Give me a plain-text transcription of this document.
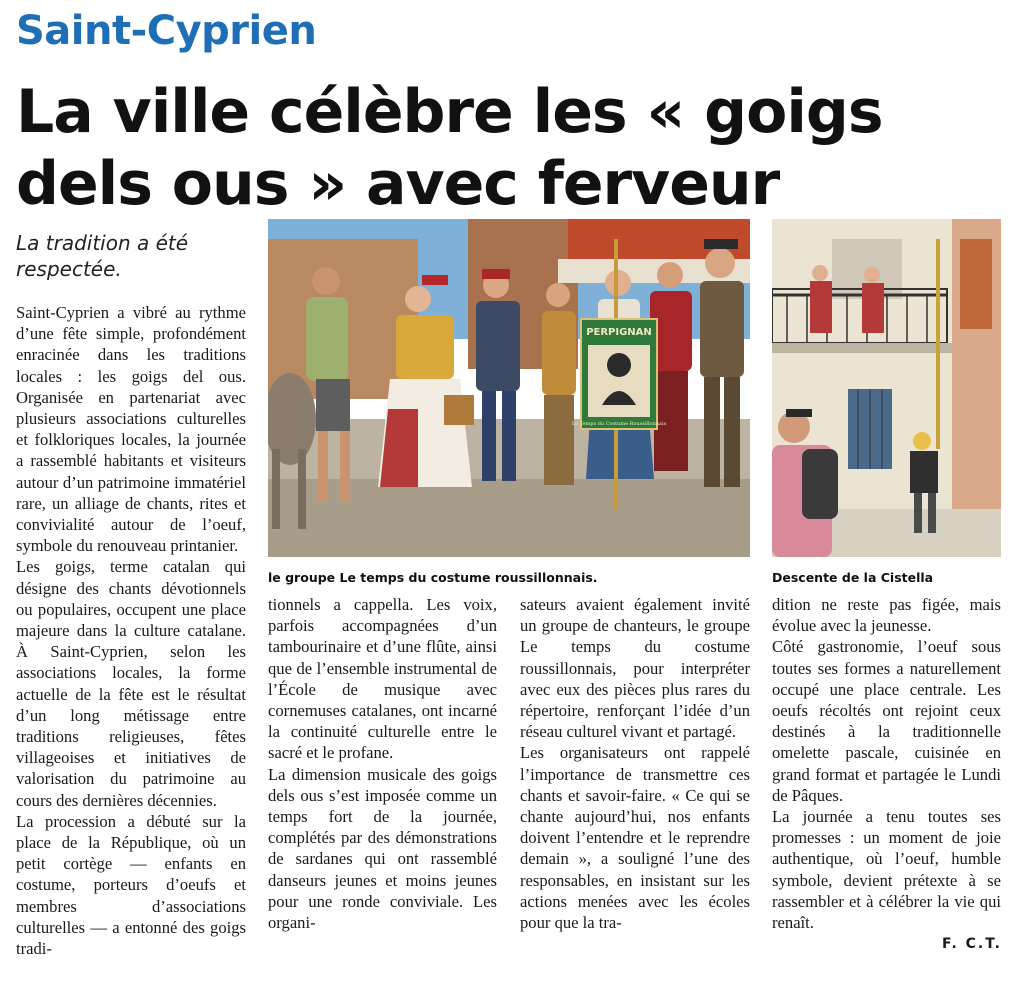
Saint-Cyprien
La ville célèbre les « goigs dels ous » avec ferveur
La tradition a été respectée.
PERPIGNAN
Le Temps du Costume Roussillonnais
le groupe Le temps du costume roussillonnais.	Descente de la Cistella

Saint-Cyprien a vibré au rythme d’une fête simple, profondément enracinée dans les traditions locales : les goigs del ous. Organisée en partenariat avec plusieurs associations culturelles et folkloriques locales, la journée a rassemblé habitants et visiteurs autour d’un patrimoine immatériel rare, un alliage de chants, rites et convivialité autour de l’oeuf, symbole du renouveau printanier.

Les goigs, terme catalan qui désigne des chants dévotionnels ou populaires, occupent une place majeure dans la culture catalane. À Saint-Cyprien, selon les associations locales, la forme actuelle de la fête est le résultat d’un long métissage entre traditions religieuses, fêtes villageoises et initiatives de valorisation du patrimoine au cours des dernières décennies.

La procession a débuté sur la place de la République, où un petit cortège — enfants en costume, porteurs d’oeufs et membres d’associations culturelles — a entonné des goigs tradi-

tionnels a cappella. Les voix, parfois accompagnées d’un tambourinaire et d’une flûte, ainsi que de l’ensemble instrumental de l’École de musique avec cornemuses catalanes, ont incarné la continuité culturelle entre le sacré et le profane.

La dimension musicale des goigs dels ous s’est imposée comme un temps fort de la journée, complétés par des démonstrations de sardanes qui ont rassemblé danseurs jeunes et moins jeunes pour une ronde conviviale. Les organi-

sateurs avaient également invité un groupe de chanteurs, le groupe Le temps du costume roussillonnais, pour interpréter avec eux des pièces plus rares du répertoire, renforçant l’idée d’un réseau culturel vivant et partagé.

Les organisateurs ont rappelé l’importance de transmettre ces chants et savoir-faire. « Ce qui se chante aujourd’hui, nos enfants doivent l’entendre et le reprendre demain », a souligné l’une des responsables, en insistant sur les actions menées avec les écoles pour que la tra-

dition ne reste pas figée, mais évolue avec la jeunesse.

Côté gastronomie, l’oeuf sous toutes ses formes a naturellement occupé une place centrale. Les oeufs récoltés ont rejoint ceux destinés à la traditionnelle omelette pascale, cuisinée en grand format et partagée le Lundi de Pâques.

La journée a tenu toutes ses promesses : un moment de joie authentique, où l’oeuf, humble symbole, devient prétexte à se rassembler et à célébrer la vie qui renaît.

F. C.T.
